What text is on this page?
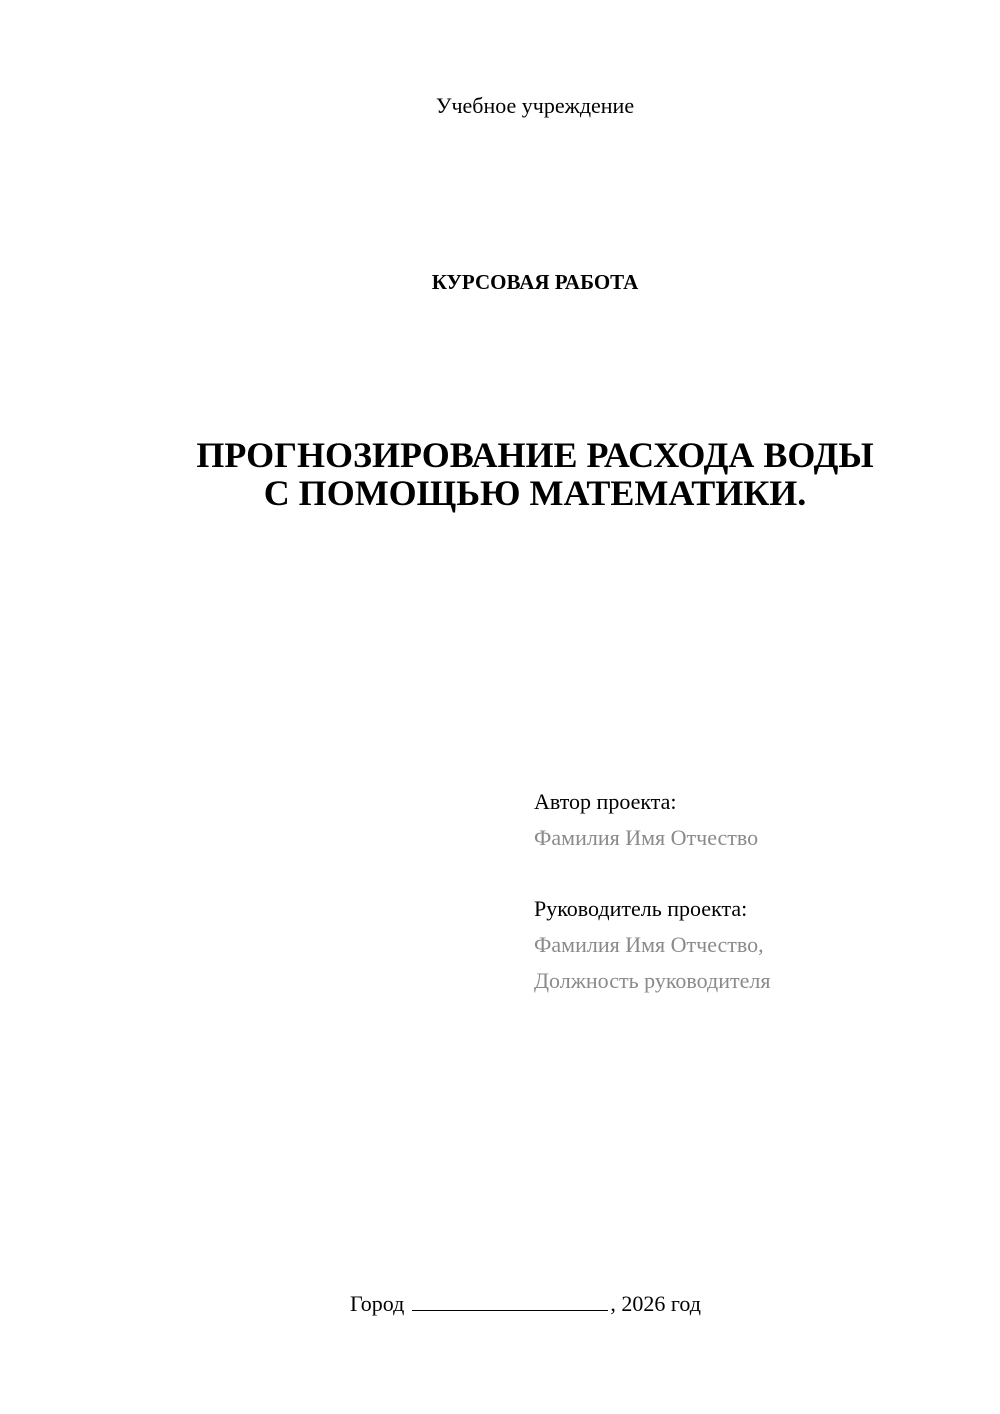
Учебное учреждение
КУРСОВАЯ РАБОТА
ПРОГНОЗИРОВАНИЕ РАСХОДА ВОДЫ
С ПОМОЩЬЮ МАТЕМАТИКИ.
Автор проекта:
Фамилия Имя Отчество
Руководитель проекта:
Фамилия Имя Отчество,
Должность руководителя
Город	, 2026 год
